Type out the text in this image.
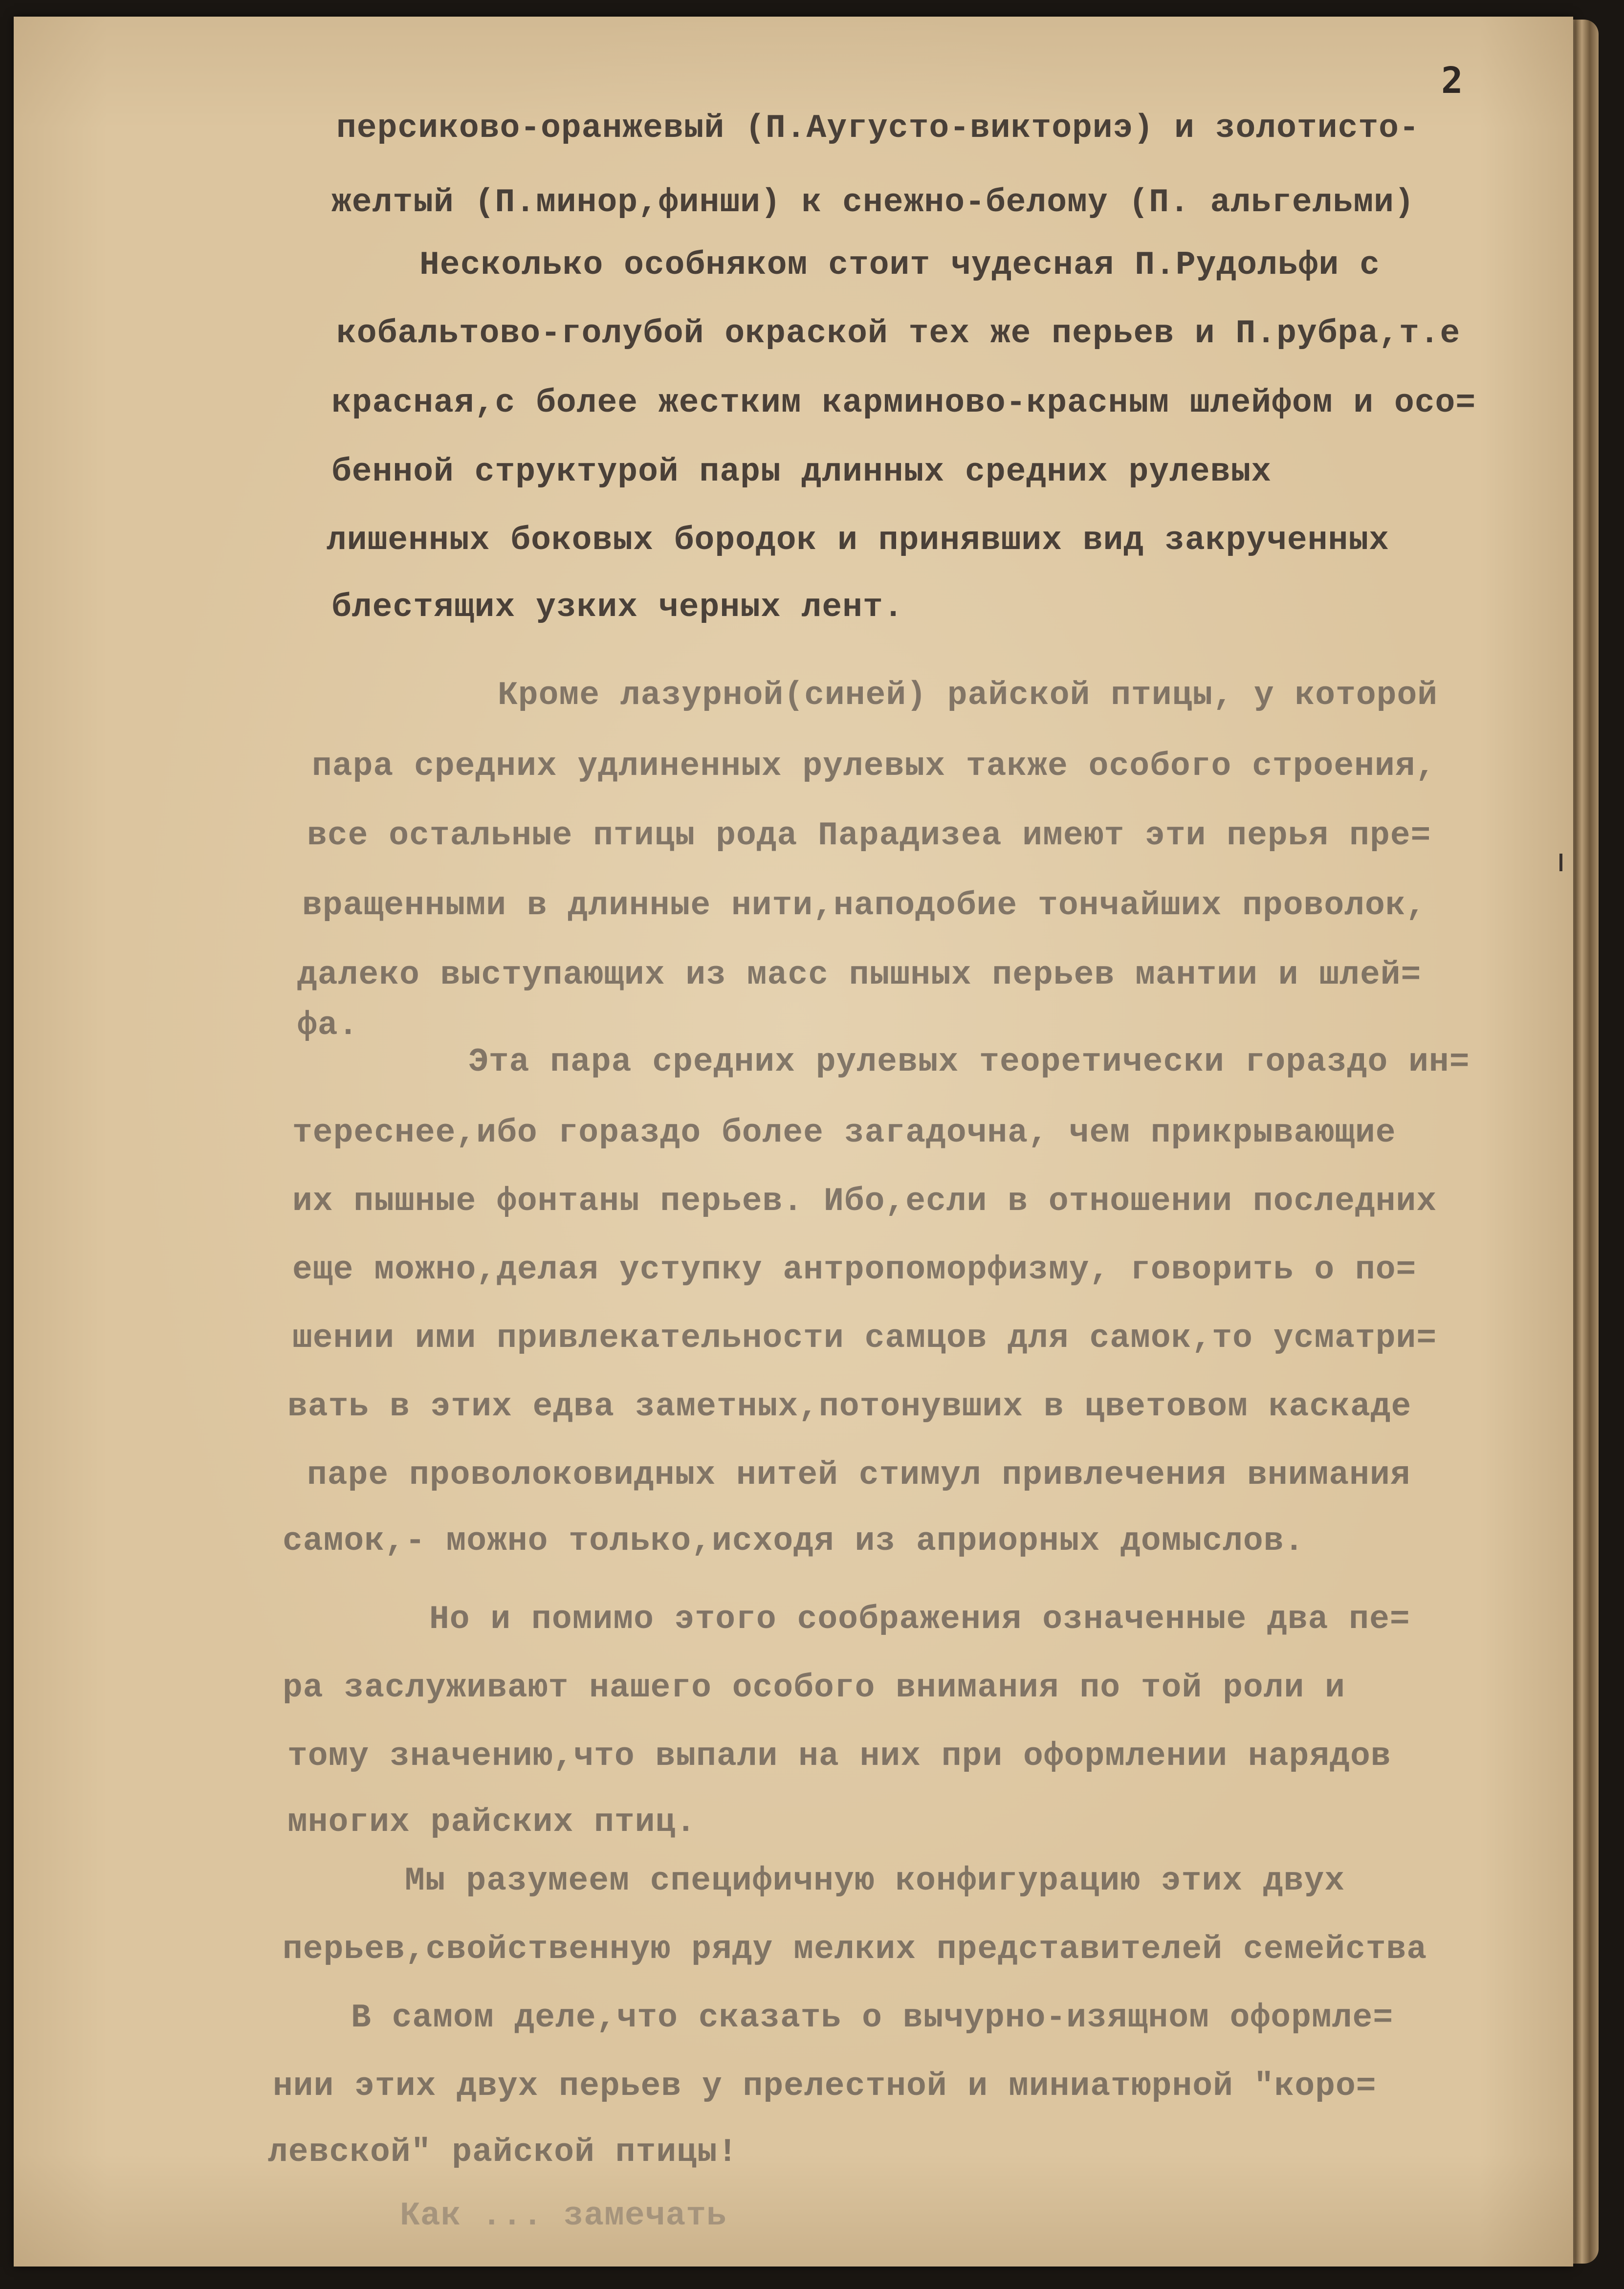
2
персиково-оранжевый (П.Аугусто-викториэ) и золотисто-
желтый (П.минор,финши) к снежно-белому (П. альгельми)
Несколько особняком стоит чудесная П.Рудольфи с
кобальтово-голубой окраской тех же перьев и П.рубра,т.е
красная,с более жестким карминово-красным шлейфом и осо=
бенной структурой пары длинных средних рулевых
лишенных боковых бородок и принявших вид закрученных
блестящих узких черных лент.
Кроме лазурной(синей) райской птицы, у которой
пара средних удлиненных рулевых также особого строения,
все остальные птицы рода Парадизеа имеют эти перья пре=
вращенными в длинные нити,наподобие тончайших проволок,
далеко выступающих из масс пышных перьев мантии и шлей=
фа.
Эта пара средних рулевых теоретически гораздо ин=
тереснее,ибо гораздо более загадочна, чем прикрывающие
их пышные фонтаны перьев. Ибо,если в отношении последних
еще можно,делая уступку антропоморфизму, говорить о по=
шении ими привлекательности самцов для самок,то усматри=
вать в этих едва заметных,потонувших в цветовом каскаде
паре проволоковидных нитей стимул привлечения внимания
самок,- можно только,исходя из априорных домыслов.
Но и помимо этого соображения означенные два пе=
ра заслуживают нашего особого внимания по той роли и
тому значению,что выпали на них при оформлении нарядов
многих райских птиц.
Мы разумеем специфичную конфигурацию этих двух
перьев,свойственную ряду мелких представителей семейства
В самом деле,что сказать о вычурно-изящном оформле=
нии этих двух перьев у прелестной и миниатюрной "коро=
левской" райской птицы!
Как ... замечать
